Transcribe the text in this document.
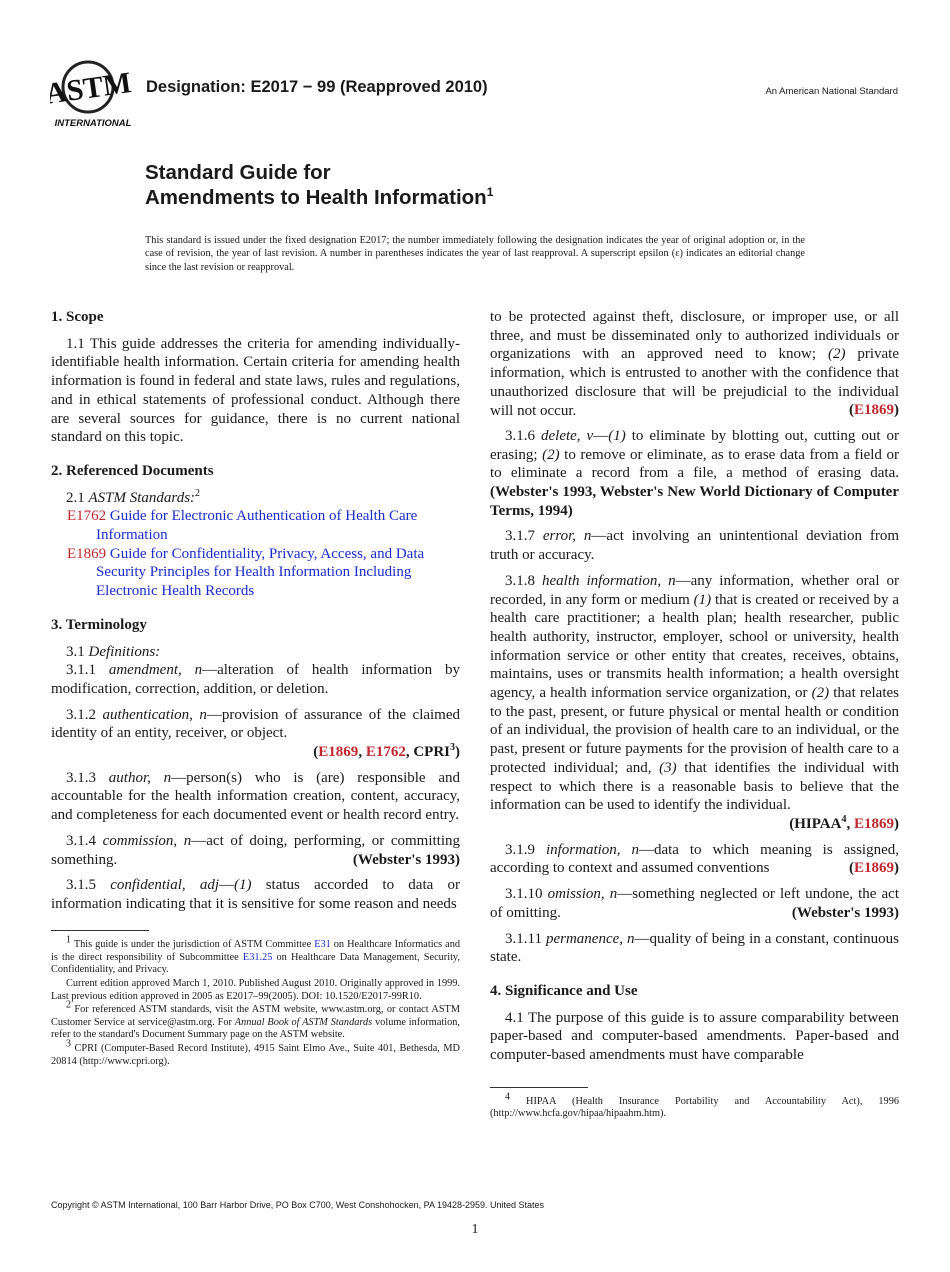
ASTM
INTERNATIONAL
Designation: E2017 − 99 (Reapproved 2010)	An American National Standard
Standard Guide for
Amendments to Health Information$^1$
This standard is issued under the fixed designation E2017; the number immediately following the designation indicates the year of original adoption or, in the case of revision, the year of last revision. A number in parentheses indicates the year of last reapproval. A superscript epsilon (ε) indicates an editorial change since the last revision or reapproval.
1. Scope

1.1 This guide addresses the criteria for amending individually-identifiable health information. Certain criteria for amending health information is found in federal and state laws, rules and regulations, and in ethical statements of professional conduct. Although there are several sources for guidance, there is no current national standard on this topic.

2. Referenced Documents

2.1 ASTM Standards:$^2$

E1762 Guide for Electronic Authentication of Health Care Information

E1869 Guide for Confidentiality, Privacy, Access, and Data Security Principles for Health Information Including Electronic Health Records

3. Terminology

3.1 Definitions:

3.1.1 amendment, n—alteration of health information by modification, correction, addition, or deletion.

3.1.2 authentication, n—provision of assurance of the claimed identity of an entity, receiver, or object.

(E1869, E1762, CPRI$^3$)

3.1.3 author, n—person(s) who is (are) responsible and accountable for the health information creation, content, accuracy, and completeness for each documented event or health record entry.

3.1.4 commission, n—act of doing, performing, or committing something.	(Webster's 1993)

3.1.5 confidential, adj—(1) status accorded to data or information indicating that it is sensitive for some reason and needs

$^1$ This guide is under the jurisdiction of ASTM Committee E31 on Healthcare Informatics and is the direct responsibility of Subcommittee E31.25 on Healthcare Data Management, Security, Confidentiality, and Privacy.

Current edition approved March 1, 2010. Published August 2010. Originally approved in 1999. Last previous edition approved in 2005 as E2017–99(2005). DOI: 10.1520/E2017-99R10.

$^2$ For referenced ASTM standards, visit the ASTM website, www.astm.org, or contact ASTM Customer Service at service@astm.org. For Annual Book of ASTM Standards volume information, refer to the standard's Document Summary page on the ASTM website.

$^3$ CPRI (Computer-Based Record Institute), 4915 Saint Elmo Ave., Suite 401, Bethesda, MD 20814 (http://www.cpri.org).

to be protected against theft, disclosure, or improper use, or all three, and must be disseminated only to authorized individuals or organizations with an approved need to know; (2) private information, which is entrusted to another with the confidence that unauthorized disclosure that will be prejudicial to the individual will not occur.	(E1869)

3.1.6 delete, v—(1) to eliminate by blotting out, cutting out or erasing; (2) to remove or eliminate, as to erase data from a field or to eliminate a record from a file, a method of erasing data. (Webster's 1993, Webster's New World Dictionary of Computer Terms, 1994)

3.1.7 error, n—act involving an unintentional deviation from truth or accuracy.

3.1.8 health information, n—any information, whether oral or recorded, in any form or medium (1) that is created or received by a health care practitioner; a health plan; health researcher, public health authority, instructor, employer, school or university, health information service or other entity that creates, receives, obtains, maintains, uses or transmits health information; a health oversight agency, a health information service organization, or (2) that relates to the past, present, or future physical or mental health or condition of an individual, the provision of health care to an individual, or the past, present or future payments for the provision of health care to a protected individual; and, (3) that identifies the individual with respect to which there is a reasonable basis to believe that the information can be used to identify the individual.

(HIPAA$^4$, E1869)

3.1.9 information, n—data to which meaning is assigned, according to context and assumed conventions	(E1869)

3.1.10 omission, n—something neglected or left undone, the act of omitting.	(Webster's 1993)

3.1.11 permanence, n—quality of being in a constant, continuous state.

4. Significance and Use

4.1 The purpose of this guide is to assure comparability between paper-based and computer-based amendments. Paper-based and computer-based amendments must have comparable

$^4$ HIPAA (Health Insurance Portability and Accountability Act), 1996 (http://www.hcfa.gov/hipaa/hipaahm.htm).

Copyright © ASTM International, 100 Barr Harbor Drive, PO Box C700, West Conshohocken, PA 19428-2959. United States
1
